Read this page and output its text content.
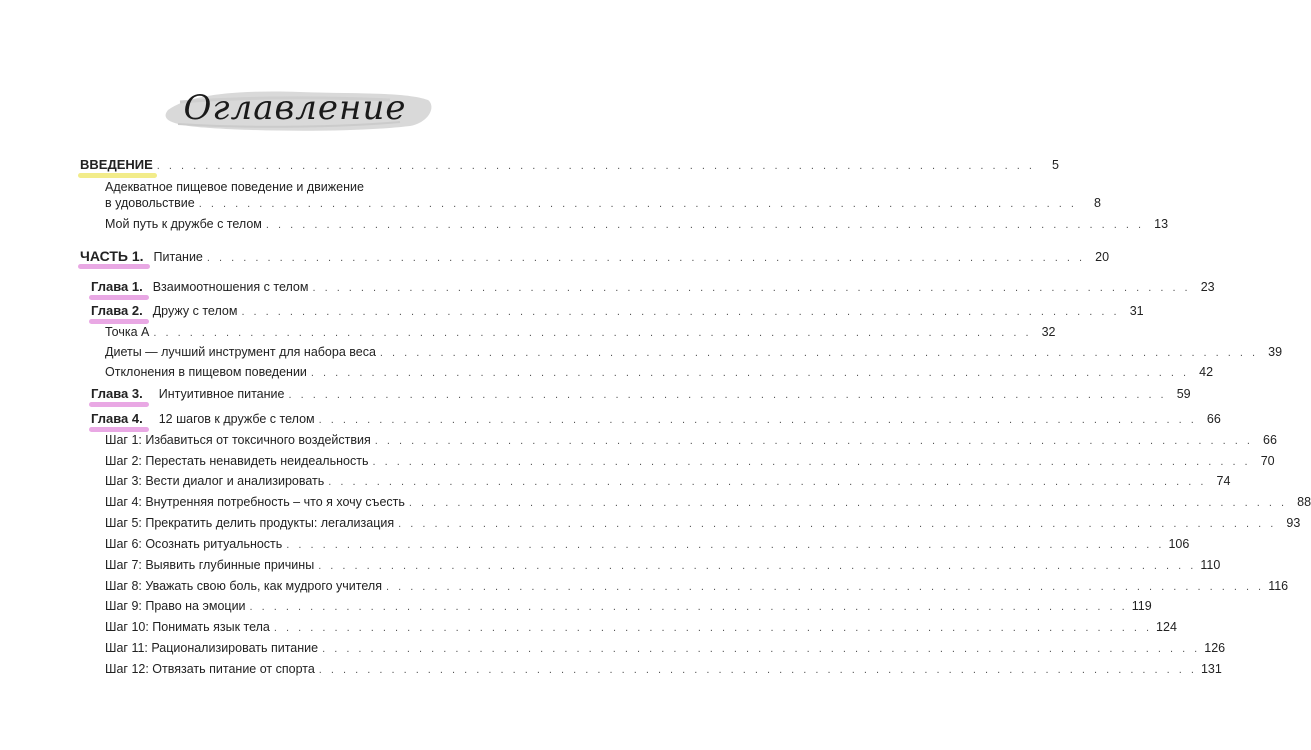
Оглавление
ВВЕДЕНИЕ . . . . . . . . . . . . . . . . . . . . . . . . . . . . . . . . . . . . . . . . . . . . . . . . . . . . . . . . . . . . . . . . . . . . . . . . .	5
Адекватное пищевое поведение и движение
в удовольствие . . . . . . . . . . . . . . . . . . . . . . . . . . . . . . . . . . . . . . . . . . . . . . . . . . . . . . . . . . . . . . . . . . . . . . . . .	8
Мой путь к дружбе с телом . . . . . . . . . . . . . . . . . . . . . . . . . . . . . . . . . . . . . . . . . . . . . . . . . . . . . . . . . . . . . . . . . . . . . . . . . 13
ЧАСТЬ 1. Питание . . . . . . . . . . . . . . . . . . . . . . . . . . . . . . . . . . . . . . . . . . . . . . . . . . . . . . . . . . . . . . . . . . . . . . . . . 20
Глава 1. Взаимоотношения с телом . . . . . . . . . . . . . . . . . . . . . . . . . . . . . . . . . . . . . . . . . . . . . . . . . . . . . . . . . . . . . . . . . . . . . . . . . 23
Глава 2. Дружу с телом . . . . . . . . . . . . . . . . . . . . . . . . . . . . . . . . . . . . . . . . . . . . . . . . . . . . . . . . . . . . . . . . . . . . . . . . . 31
Точка А . . . . . . . . . . . . . . . . . . . . . . . . . . . . . . . . . . . . . . . . . . . . . . . . . . . . . . . . . . . . . . . . . . . . . . . . . 32
Диеты — лучший инструмент для набора веса . . . . . . . . . . . . . . . . . . . . . . . . . . . . . . . . . . . . . . . . . . . . . . . . . . . . . . . . . . . . . . . . . . . . . . . . . 39
Отклонения в пищевом поведении . . . . . . . . . . . . . . . . . . . . . . . . . . . . . . . . . . . . . . . . . . . . . . . . . . . . . . . . . . . . . . . . . . . . . . . . . 42
Глава 3. Интуитивное питание . . . . . . . . . . . . . . . . . . . . . . . . . . . . . . . . . . . . . . . . . . . . . . . . . . . . . . . . . . . . . . . . . . . . . . . . . 59
Глава 4. 12 шагов к дружбе с телом . . . . . . . . . . . . . . . . . . . . . . . . . . . . . . . . . . . . . . . . . . . . . . . . . . . . . . . . . . . . . . . . . . . . . . . . . 66
Шаг 1: Избавиться от токсичного воздействия . . . . . . . . . . . . . . . . . . . . . . . . . . . . . . . . . . . . . . . . . . . . . . . . . . . . . . . . . . . . . . . . . . . . . . . . . 66
Шаг 2: Перестать ненавидеть неидеальность . . . . . . . . . . . . . . . . . . . . . . . . . . . . . . . . . . . . . . . . . . . . . . . . . . . . . . . . . . . . . . . . . . . . . . . . . 70
Шаг 3: Вести диалог и анализировать . . . . . . . . . . . . . . . . . . . . . . . . . . . . . . . . . . . . . . . . . . . . . . . . . . . . . . . . . . . . . . . . . . . . . . . . . 74
Шаг 4: Внутренняя потребность – что я хочу съесть . . . . . . . . . . . . . . . . . . . . . . . . . . . . . . . . . . . . . . . . . . . . . . . . . . . . . . . . . . . . . . . . . . . . . . . . . 88
Шаг 5: Прекратить делить продукты: легализация . . . . . . . . . . . . . . . . . . . . . . . . . . . . . . . . . . . . . . . . . . . . . . . . . . . . . . . . . . . . . . . . . . . . . . . . . 93
Шаг 6: Осознать ритуальность . . . . . . . . . . . . . . . . . . . . . . . . . . . . . . . . . . . . . . . . . . . . . . . . . . . . . . . . . . . . . . . . . . . . . . . . . 106
Шаг 7: Выявить глубинные причины . . . . . . . . . . . . . . . . . . . . . . . . . . . . . . . . . . . . . . . . . . . . . . . . . . . . . . . . . . . . . . . . . . . . . . . . . 110
Шаг 8: Уважать свою боль, как мудрого учителя . . . . . . . . . . . . . . . . . . . . . . . . . . . . . . . . . . . . . . . . . . . . . . . . . . . . . . . . . . . . . . . . . . . . . . . . . 116
Шаг 9: Право на эмоции . . . . . . . . . . . . . . . . . . . . . . . . . . . . . . . . . . . . . . . . . . . . . . . . . . . . . . . . . . . . . . . . . . . . . . . . . 119
Шаг 10: Понимать язык тела . . . . . . . . . . . . . . . . . . . . . . . . . . . . . . . . . . . . . . . . . . . . . . . . . . . . . . . . . . . . . . . . . . . . . . . . . 124
Шаг 11: Рационализировать питание . . . . . . . . . . . . . . . . . . . . . . . . . . . . . . . . . . . . . . . . . . . . . . . . . . . . . . . . . . . . . . . . . . . . . . . . . 126
Шаг 12: Отвязать питание от спорта . . . . . . . . . . . . . . . . . . . . . . . . . . . . . . . . . . . . . . . . . . . . . . . . . . . . . . . . . . . . . . . . . . . . . . . . . 131
